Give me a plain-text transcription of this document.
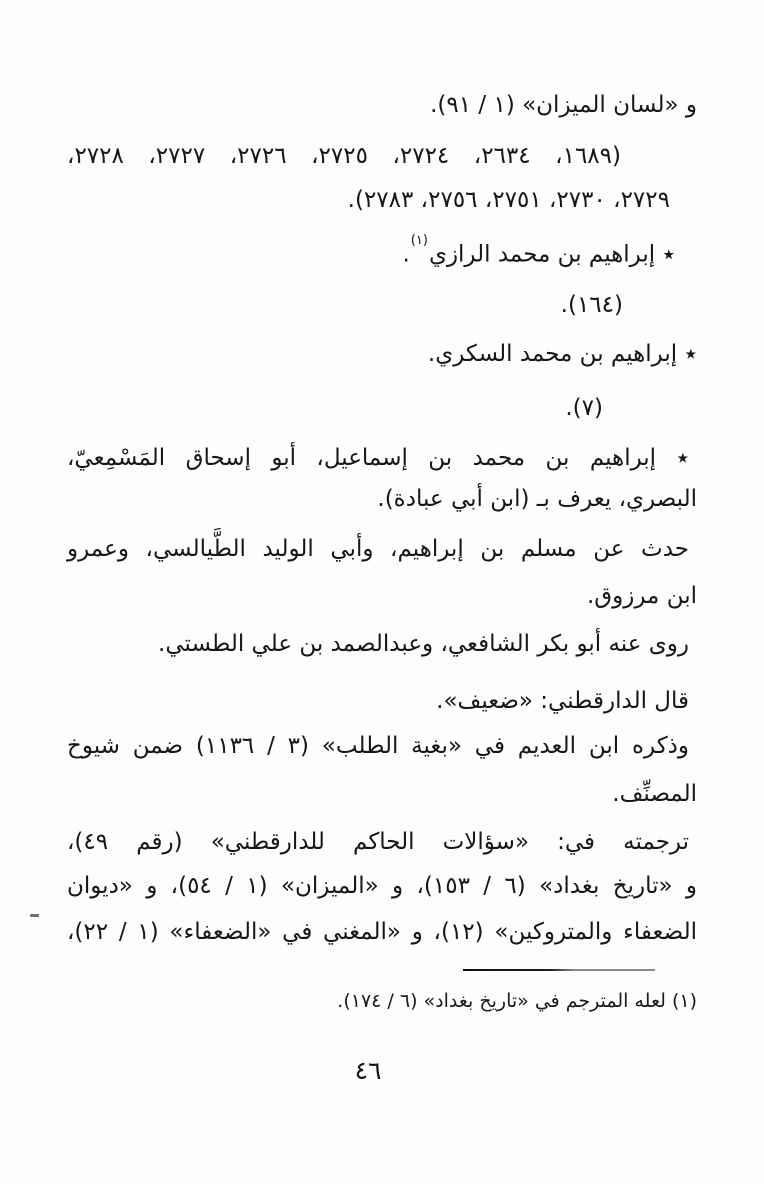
و «لسان الميزان» (١ / ٩١).
(١٦٨٩، ٢٦٣٤، ٢٧٢٤، ٢٧٢٥، ٢٧٢٦، ٢٧٢٧، ٢٧٢٨،
٢٧٢٩، ٢٧٣٠، ٢٧٥١، ٢٧٥٦، ٢٧٨٣).
٭ إبراهيم بن محمد الرازي$^{(١)}$.
(١٦٤).
٭ إبراهيم بن محمد السكري.
(٧).
٭ إبراهيم بن محمد بن إسماعيل، أبو إسحاق المَسْمِعيّ،
البصري، يعرف بـ (ابن أبي عبادة).
حدث عن مسلم بن إبراهيم، وأبي الوليد الطَّيالسي، وعمرو
ابن مرزوق.
روى عنه أبو بكر الشافعي، وعبدالصمد بن علي الطستي.
قال الدارقطني: «ضعيف».
وذكره ابن العديم في «بغية الطلب» (٣ / ١١٣٦) ضمن شيوخ
المصنِّف.
ترجمته في: «سؤالات الحاكم للدارقطني» (رقم ٤٩)،
و «تاريخ بغداد» (٦ / ١٥٣)، و «الميزان» (١ / ٥٤)، و «ديوان
الضعفاء والمتروكين» (١٢)، و «المغني في «الضعفاء» (١ / ٢٢)،
(١) لعله المترجم في «تاريخ بغداد» (٦ / ١٧٤).
٤٦
